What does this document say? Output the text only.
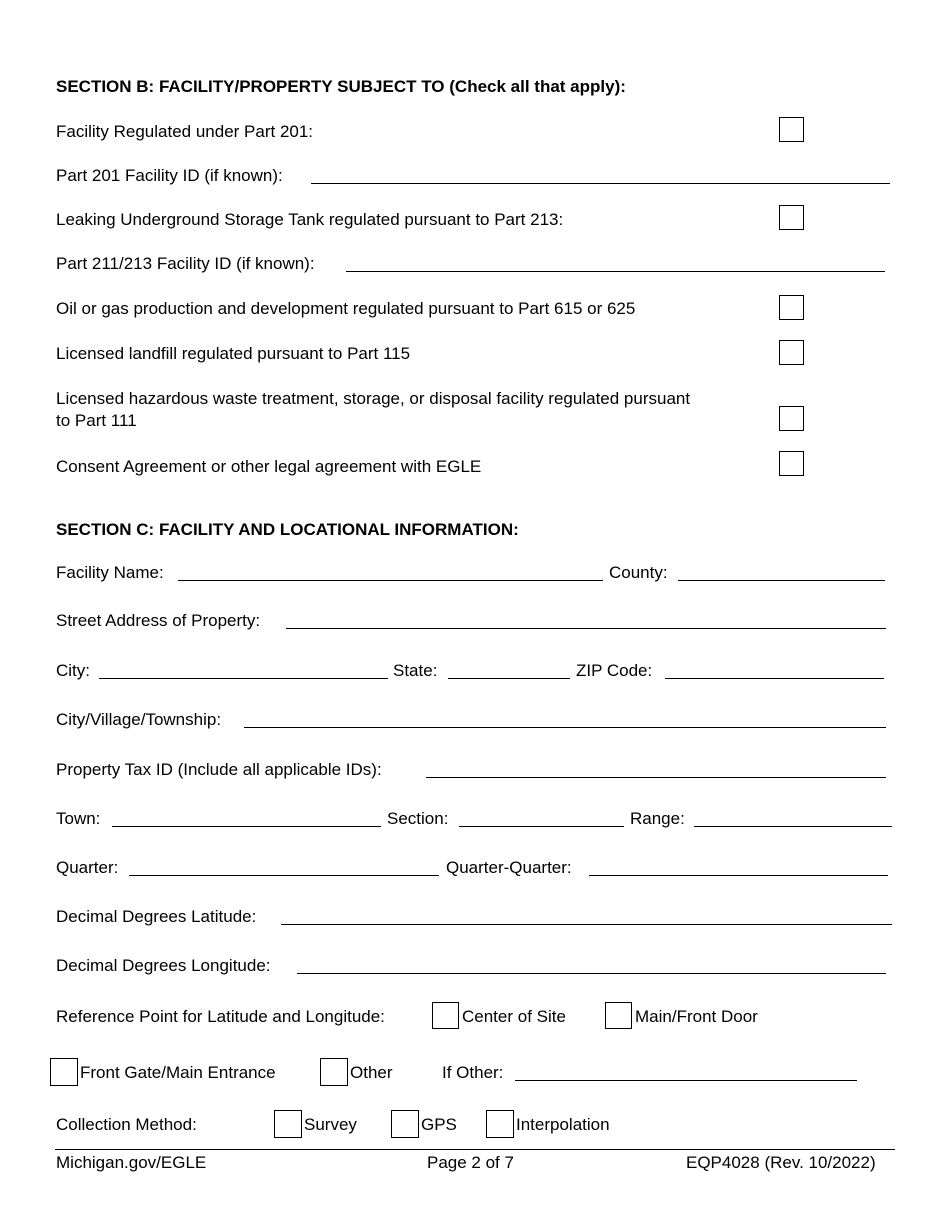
SECTION B: FACILITY/PROPERTY SUBJECT TO (Check all that apply):
Facility Regulated under Part 201:
Part 201 Facility ID (if known):
Leaking Underground Storage Tank regulated pursuant to Part 213:
Part 211/213 Facility ID (if known):
Oil or gas production and development regulated pursuant to Part 615 or 625
Licensed landfill regulated pursuant to Part 115
Licensed hazardous waste treatment, storage, or disposal facility regulated pursuant to Part 111
Consent Agreement or other legal agreement with EGLE
SECTION C: FACILITY AND LOCATIONAL INFORMATION:
Facility Name:	County:
Street Address of Property:
City:	State:	ZIP Code:
City/Village/Township:
Property Tax ID (Include all applicable IDs):
Town:	Section:	Range:
Quarter:	Quarter-Quarter:
Decimal Degrees Latitude:
Decimal Degrees Longitude:
Reference Point for Latitude and Longitude:	Center of Site	Main/Front Door
Front Gate/Main Entrance	Other	If Other:
Collection Method:	Survey	GPS	Interpolation
Michigan.gov/EGLE	Page 2 of 7	EQP4028 (Rev. 10/2022)
